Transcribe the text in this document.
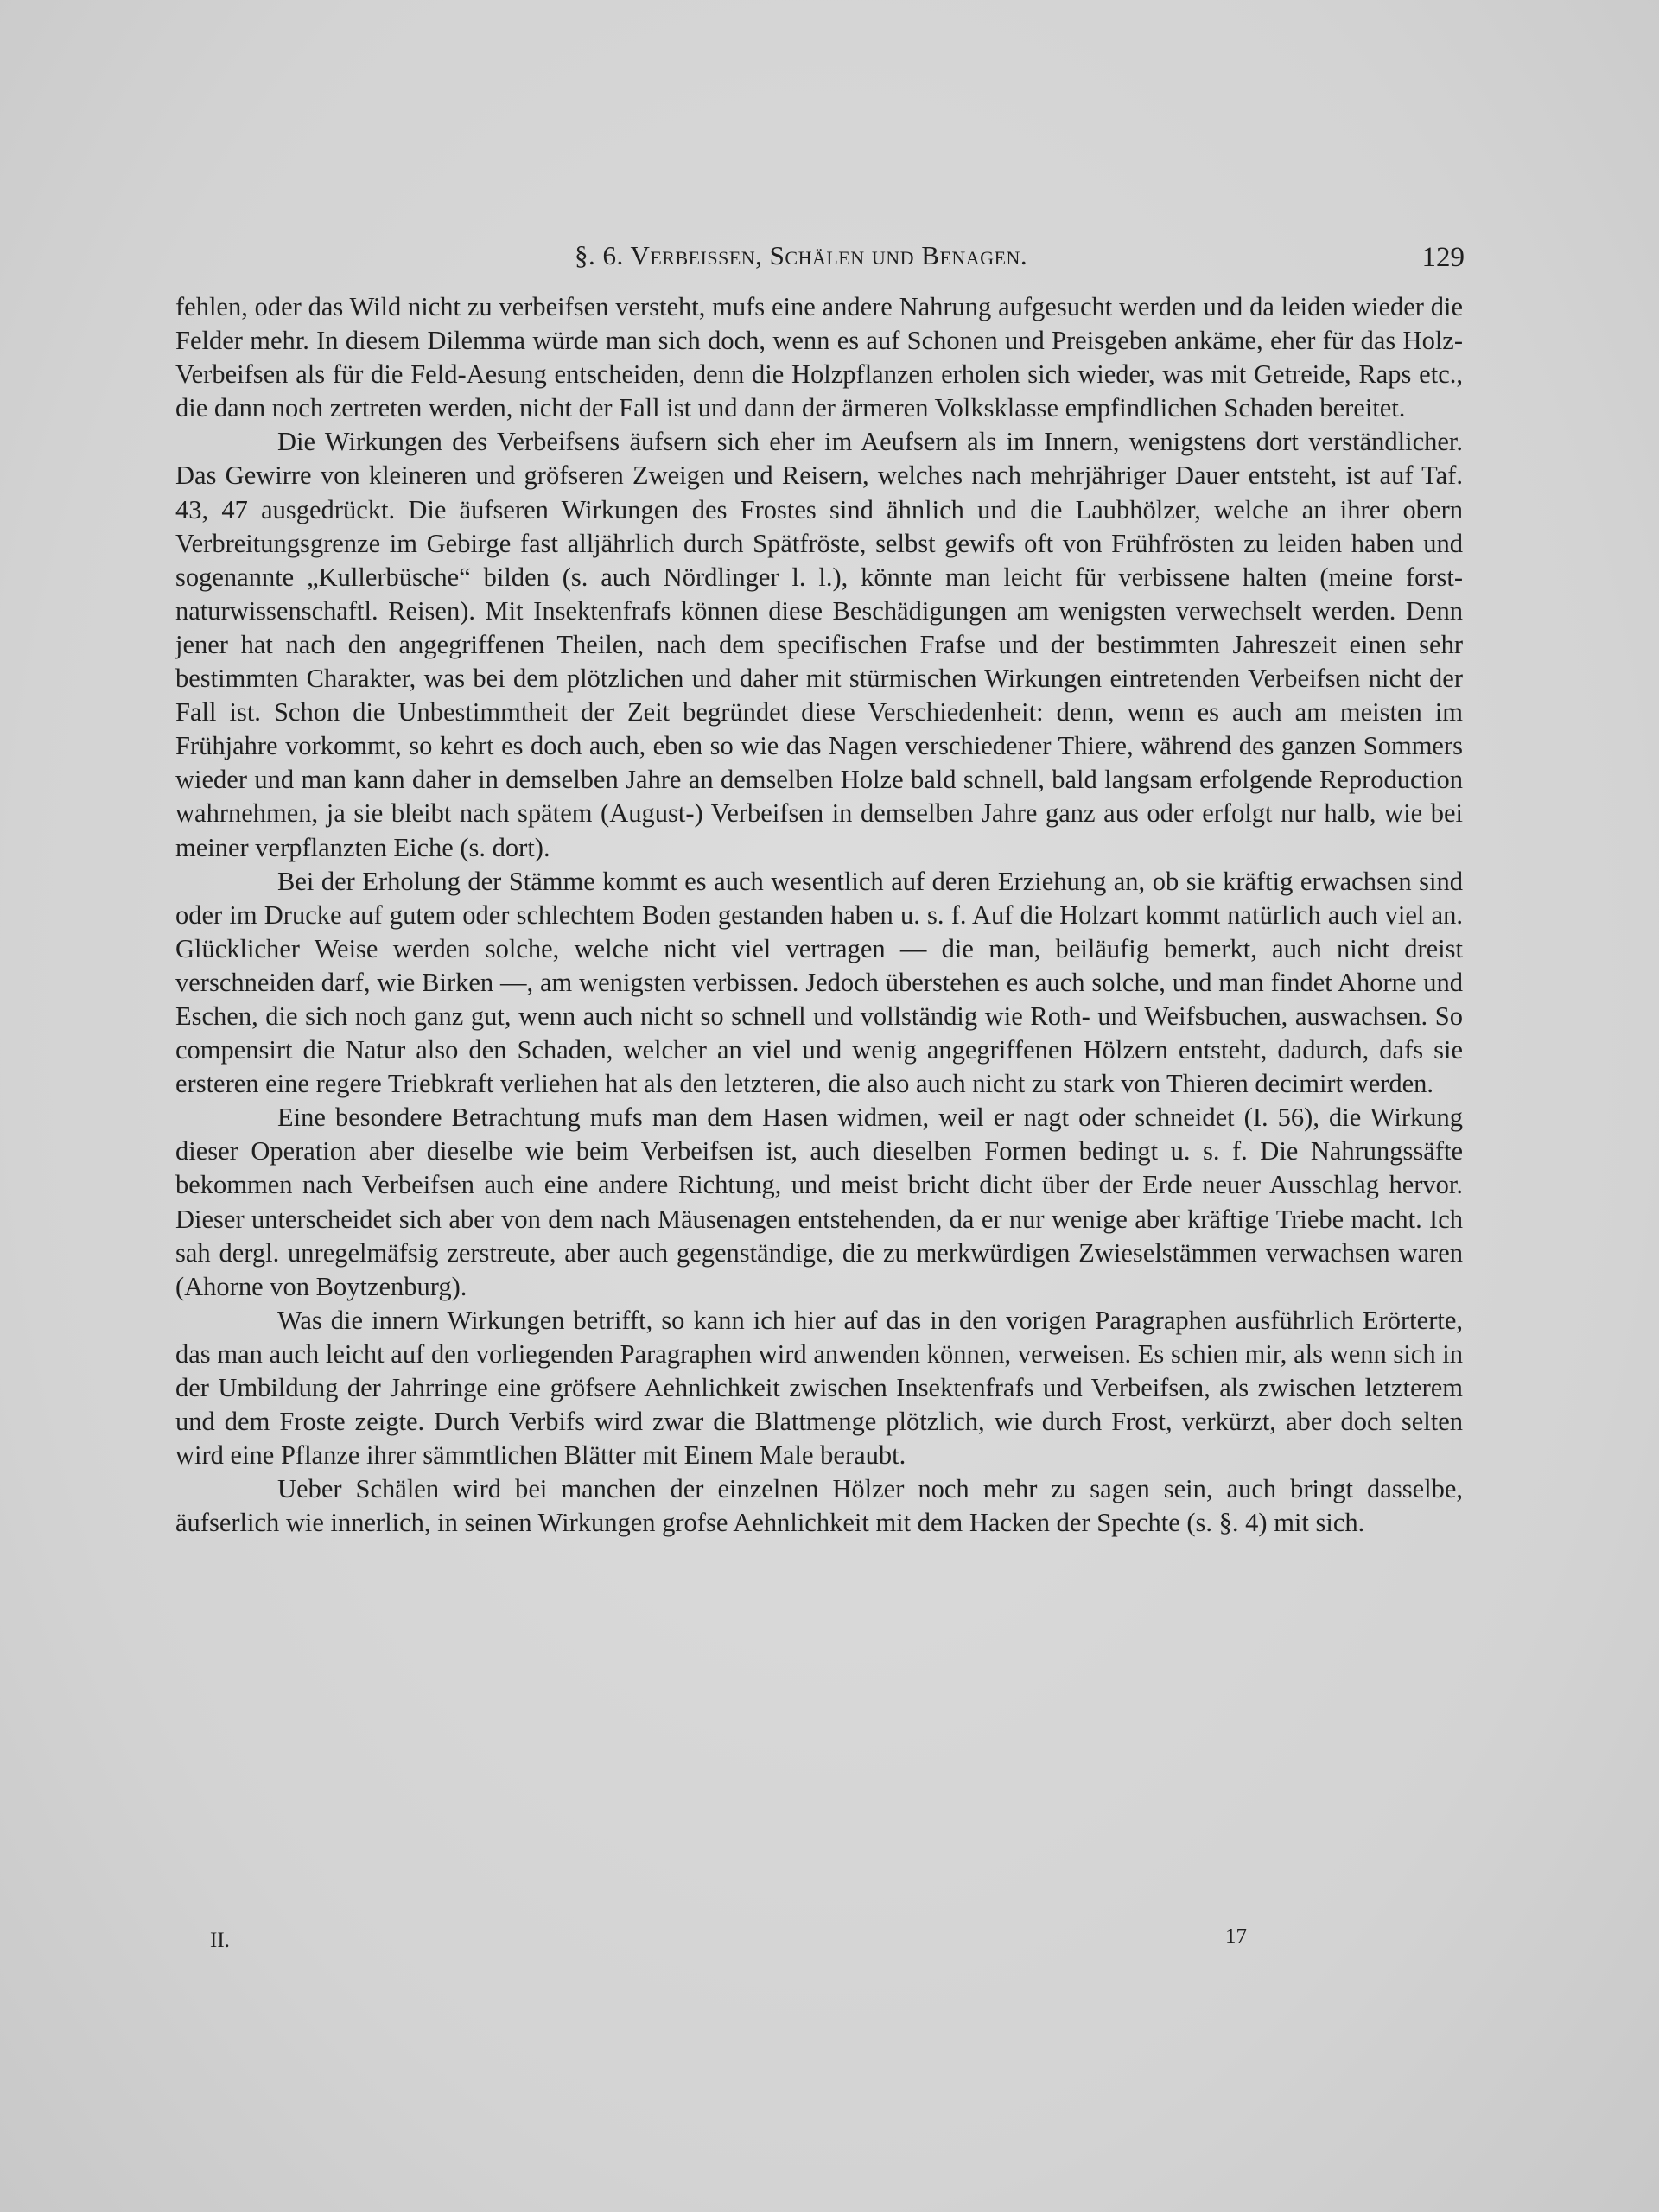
§. 6. Verbeissen, Schälen und Benagen.	129

fehlen, oder das Wild nicht zu verbeifsen versteht, mufs eine andere Nahrung aufgesucht werden und da leiden wieder die Felder mehr. In diesem Dilemma würde man sich doch, wenn es auf Schonen und Preisgeben ankäme, eher für das Holz-Verbeifsen als für die Feld-Aesung entscheiden, denn die Holzpflanzen erholen sich wieder, was mit Getreide, Raps etc., die dann noch zertreten werden, nicht der Fall ist und dann der ärmeren Volksklasse empfindlichen Schaden bereitet.

Die Wirkungen des Verbeifsens äufsern sich eher im Aeufsern als im Innern, wenigstens dort verständlicher. Das Gewirre von kleineren und gröfseren Zweigen und Reisern, welches nach mehrjähriger Dauer entsteht, ist auf Taf. 43, 47 ausgedrückt. Die äufseren Wirkungen des Frostes sind ähnlich und die Laubhölzer, welche an ihrer obern Verbreitungsgrenze im Gebirge fast alljährlich durch Spätfröste, selbst gewifs oft von Frühfrösten zu leiden haben und sogenannte „Kullerbüsche“ bilden (s. auch Nördlinger l. l.), könnte man leicht für verbissene halten (meine forst-naturwissenschaftl. Reisen). Mit Insektenfrafs können diese Beschädigungen am wenigsten verwechselt werden. Denn jener hat nach den angegriffenen Theilen, nach dem specifischen Frafse und der bestimmten Jahreszeit einen sehr bestimmten Charakter, was bei dem plötzlichen und daher mit stürmischen Wirkungen eintretenden Verbeifsen nicht der Fall ist. Schon die Unbestimmtheit der Zeit begründet diese Verschiedenheit: denn, wenn es auch am meisten im Frühjahre vorkommt, so kehrt es doch auch, eben so wie das Nagen verschiedener Thiere, während des ganzen Sommers wieder und man kann daher in demselben Jahre an demselben Holze bald schnell, bald langsam erfolgende Reproduction wahrnehmen, ja sie bleibt nach spätem (August-) Verbeifsen in demselben Jahre ganz aus oder erfolgt nur halb, wie bei meiner verpflanzten Eiche (s. dort).

Bei der Erholung der Stämme kommt es auch wesentlich auf deren Erziehung an, ob sie kräftig erwachsen sind oder im Drucke auf gutem oder schlechtem Boden gestanden haben u. s. f. Auf die Holzart kommt natürlich auch viel an. Glücklicher Weise werden solche, welche nicht viel vertragen — die man, beiläufig bemerkt, auch nicht dreist verschneiden darf, wie Birken —, am wenigsten verbissen. Jedoch überstehen es auch solche, und man findet Ahorne und Eschen, die sich noch ganz gut, wenn auch nicht so schnell und vollständig wie Roth- und Weifsbuchen, auswachsen. So compensirt die Natur also den Schaden, welcher an viel und wenig angegriffenen Hölzern entsteht, dadurch, dafs sie ersteren eine regere Triebkraft verliehen hat als den letzteren, die also auch nicht zu stark von Thieren decimirt werden.

Eine besondere Betrachtung mufs man dem Hasen widmen, weil er nagt oder schneidet (I. 56), die Wirkung dieser Operation aber dieselbe wie beim Verbeifsen ist, auch dieselben Formen bedingt u. s. f. Die Nahrungssäfte bekommen nach Verbeifsen auch eine andere Richtung, und meist bricht dicht über der Erde neuer Ausschlag hervor. Dieser unterscheidet sich aber von dem nach Mäusenagen entstehenden, da er nur wenige aber kräftige Triebe macht. Ich sah dergl. unregelmäfsig zerstreute, aber auch gegenständige, die zu merkwürdigen Zwieselstämmen verwachsen waren (Ahorne von Boytzenburg).

Was die innern Wirkungen betrifft, so kann ich hier auf das in den vorigen Paragraphen ausführlich Erörterte, das man auch leicht auf den vorliegenden Paragraphen wird anwenden können, verweisen. Es schien mir, als wenn sich in der Umbildung der Jahrringe eine gröfsere Aehnlichkeit zwischen Insektenfrafs und Verbeifsen, als zwischen letzterem und dem Froste zeigte. Durch Verbifs wird zwar die Blattmenge plötzlich, wie durch Frost, verkürzt, aber doch selten wird eine Pflanze ihrer sämmtlichen Blätter mit Einem Male beraubt.

Ueber Schälen wird bei manchen der einzelnen Hölzer noch mehr zu sagen sein, auch bringt dasselbe, äufserlich wie innerlich, in seinen Wirkungen grofse Aehnlichkeit mit dem Hacken der Spechte (s. §. 4) mit sich.

II.	17
